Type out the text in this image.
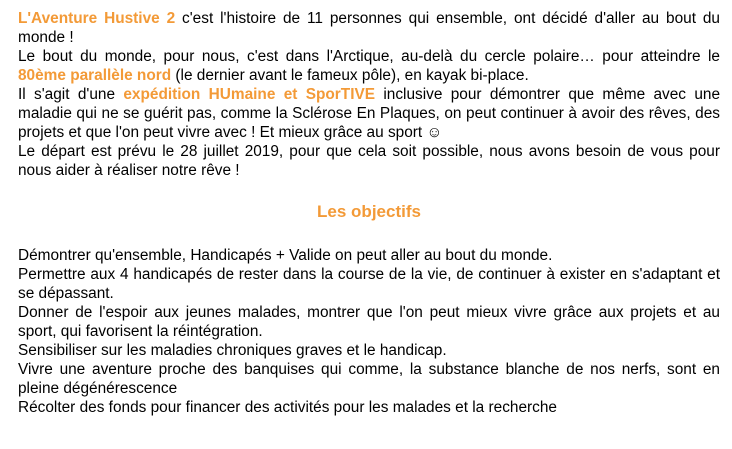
L'Aventure Hustive 2 c'est l'histoire de 11 personnes qui ensemble, ont décidé d'aller au bout du monde !

Le bout du monde, pour nous, c'est dans l'Arctique, au-delà du cercle polaire… pour atteindre le 80ème parallèle nord (le dernier avant le fameux pôle), en kayak bi-place.

Il s'agit d'une expédition HUmaine et SporTIVE inclusive pour démontrer que même avec une maladie qui ne se guérit pas, comme la Sclérose En Plaques, on peut continuer à avoir des rêves, des projets et que l'on peut vivre avec ! Et mieux grâce au sport ☺

Le départ est prévu le 28 juillet 2019, pour que cela soit possible, nous avons besoin de vous pour nous aider à réaliser notre rêve !

Les objectifs

Démontrer qu'ensemble, Handicapés + Valide on peut aller au bout du monde.

Permettre aux 4 handicapés de rester dans la course de la vie, de continuer à exister en s'adaptant et se dépassant.

Donner de l'espoir aux jeunes malades, montrer que l'on peut mieux vivre grâce aux projets et au sport, qui favorisent la réintégration.

Sensibiliser sur les maladies chroniques graves et le handicap.

Vivre une aventure proche des banquises qui comme, la substance blanche de nos nerfs, sont en pleine dégénérescence

Récolter des fonds pour financer des activités pour les malades et la recherche
